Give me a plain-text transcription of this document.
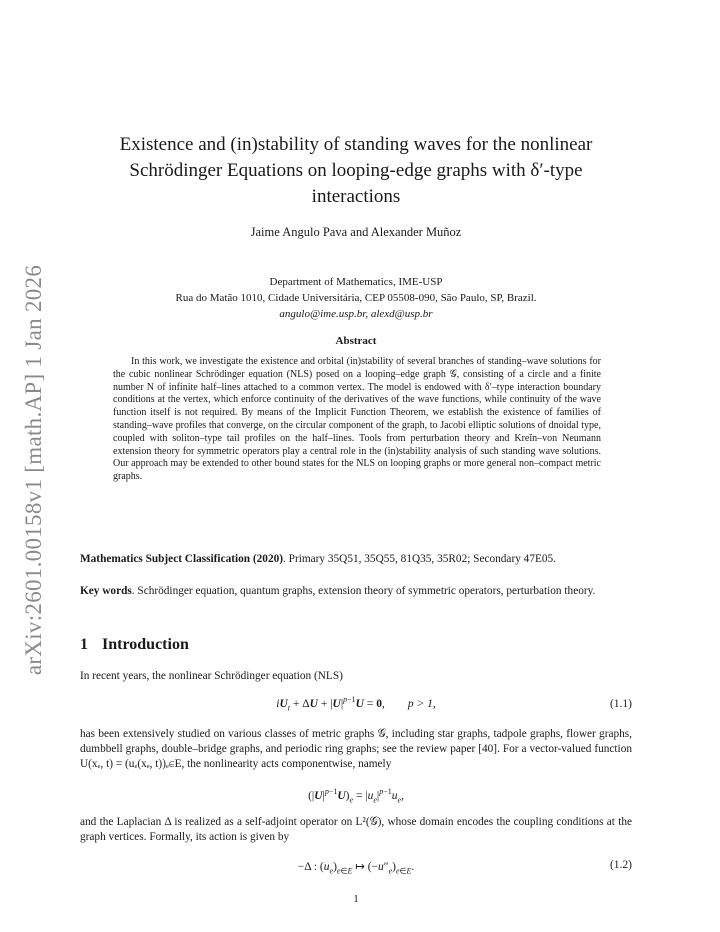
arXiv:2601.00158v1 [math.AP] 1 Jan 2026
Existence and (in)stability of standing waves for the nonlinear
Schrödinger Equations on looping-edge graphs with δ′-type
interactions
Jaime Angulo Pava and Alexander Muñoz
Department of Mathematics, IME-USP
Rua do Matão 1010, Cidade Universitária, CEP 05508-090, São Paulo, SP, Brazil.
angulo@ime.usp.br, alexd@usp.br
Abstract

In this work, we investigate the existence and orbital (in)stability of several branches of standing–wave solutions for the cubic nonlinear Schrödinger equation (NLS) posed on a looping–edge graph 𝒢, consisting of a circle and a finite number N of infinite half–lines attached to a common vertex. The model is endowed with δ′–type interaction boundary conditions at the vertex, which enforce continuity of the derivatives of the wave functions, while continuity of the wave function itself is not required. By means of the Implicit Function Theorem, we establish the existence of families of standing–wave profiles that converge, on the circular component of the graph, to Jacobi elliptic solutions of dnoidal type, coupled with soliton–type tail profiles on the half–lines. Tools from perturbation theory and Kreĭn–von Neumann extension theory for symmetric operators play a central role in the (in)stability analysis of such standing wave solutions. Our approach may be extended to other bound states for the NLS on looping graphs or more general non–compact metric graphs.

Mathematics Subject Classification (2020). Primary 35Q51, 35Q55, 81Q35, 35R02; Secondary 47E05.

Key words. Schrödinger equation, quantum graphs, extension theory of symmetric operators, perturbation theory.

1 Introduction

In recent years, the nonlinear Schrödinger equation (NLS)

$iU_t + \Delta U + |U|^{p-1}U = 0$,        p > 1,	(1.1)

has been extensively studied on various classes of metric graphs 𝒢, including star graphs, tadpole graphs, flower graphs, dumbbell graphs, double–bridge graphs, and periodic ring graphs; see the review paper [40]. For a vector-valued function U(xₑ, t) = (uₑ(xₑ, t))ₑ∈E, the nonlinearity acts componentwise, namely

$(|U|^{p-1}U)_e = |u_e|^{p-1}u_e$,

and the Laplacian Δ is realized as a self-adjoint operator on L²(𝒢), whose domain encodes the coupling conditions at the graph vertices. Formally, its action is given by

−Δ : $(u_e)_{e\in E}$ ↦ $(-u''_e)_{e\in E}$.	(1.2)
1
